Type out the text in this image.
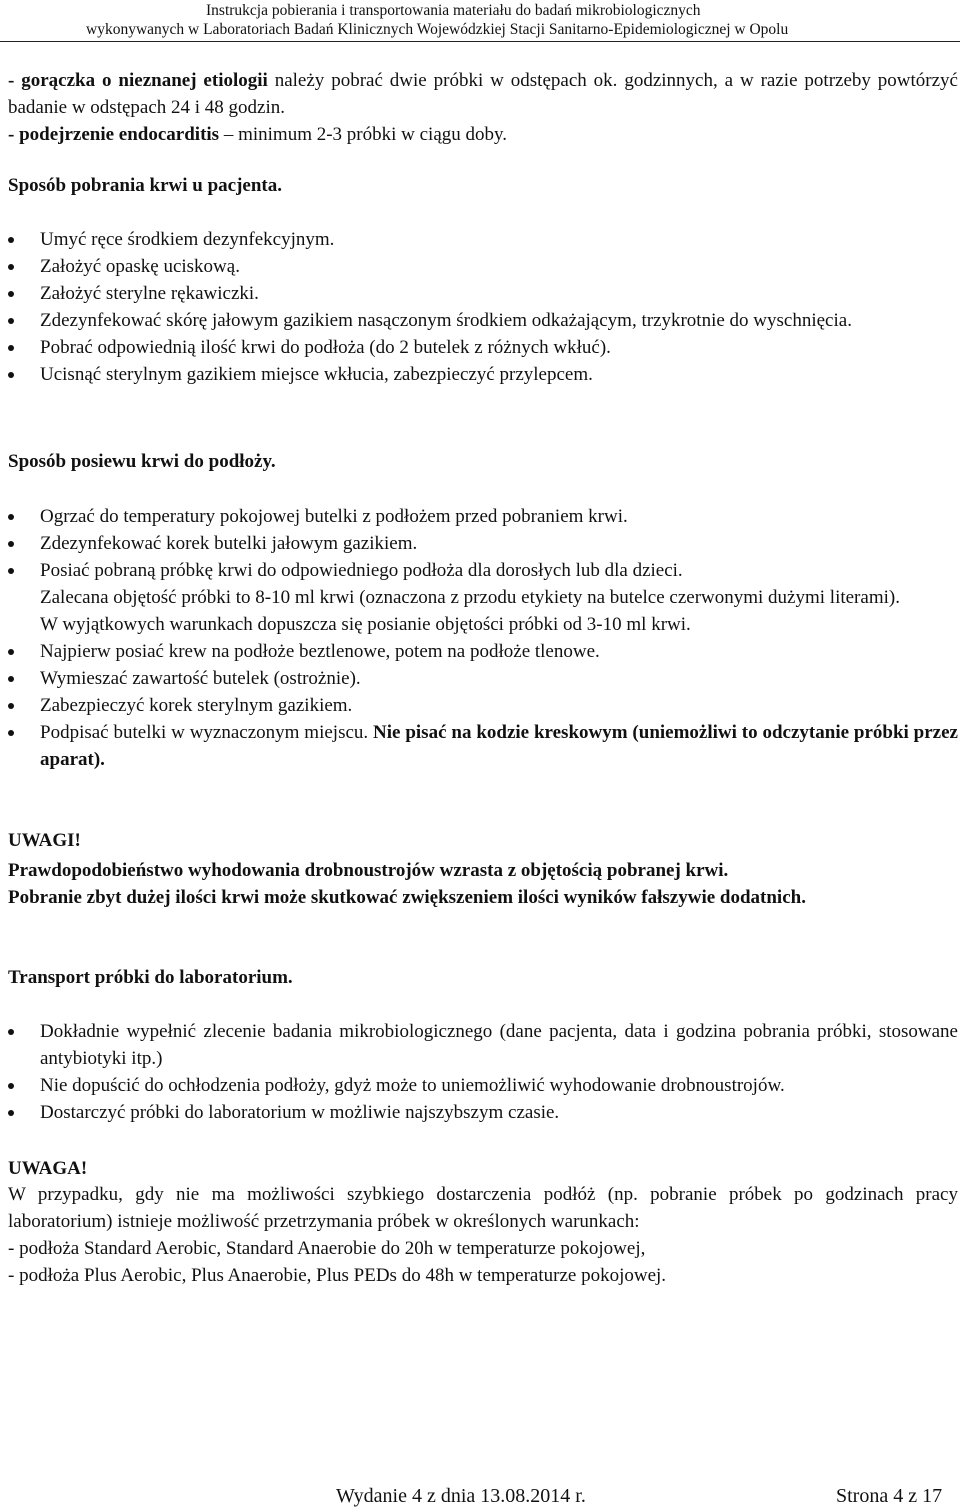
Instrukcja pobierania i transportowania materiału do badań mikrobiologicznych
wykonywanych w Laboratoriach Badań Klinicznych Wojewódzkiej Stacji Sanitarno-Epidemiologicznej w Opolu
- gorączka o nieznanej etiologii należy pobrać dwie próbki w odstępach ok. godzinnych, a w razie potrzeby powtórzyć badanie w odstępach 24 i 48 godzin.
- podejrzenie endocarditis – minimum 2-3 próbki w ciągu doby.
Sposób pobrania krwi u pacjenta.
Umyć ręce środkiem dezynfekcyjnym.
Założyć opaskę uciskową.
Założyć sterylne rękawiczki.
Zdezynfekować skórę jałowym gazikiem nasączonym środkiem odkażającym, trzykrotnie do wyschnięcia.
Pobrać odpowiednią ilość krwi do podłoża (do 2 butelek z różnych wkłuć).
Ucisnąć sterylnym gazikiem miejsce wkłucia, zabezpieczyć przylepcem.
Sposób posiewu krwi do podłoży.
Ogrzać do temperatury pokojowej butelki z podłożem przed pobraniem krwi.
Zdezynfekować korek butelki jałowym gazikiem.
Posiać pobraną próbkę krwi do odpowiedniego podłoża dla dorosłych lub dla dzieci.
Zalecana objętość próbki to 8-10 ml krwi (oznaczona z przodu etykiety na butelce czerwonymi dużymi literami).
W wyjątkowych warunkach dopuszcza się posianie objętości próbki od 3-10 ml krwi.
Najpierw posiać krew na podłoże beztlenowe, potem na podłoże tlenowe.
Wymieszać zawartość butelek (ostrożnie).
Zabezpieczyć korek sterylnym gazikiem.
Podpisać butelki w wyznaczonym miejscu. Nie pisać na kodzie kreskowym (uniemożliwi to odczytanie próbki przez aparat).
UWAGI!
Prawdopodobieństwo wyhodowania drobnoustrojów wzrasta z objętością pobranej krwi.
Pobranie zbyt dużej ilości krwi może skutkować zwiększeniem ilości wyników fałszywie dodatnich.
Transport próbki do laboratorium.
Dokładnie wypełnić zlecenie badania mikrobiologicznego (dane pacjenta, data i godzina pobrania próbki, stosowane antybiotyki itp.)
Nie dopuścić do ochłodzenia podłoży, gdyż może to uniemożliwić wyhodowanie drobnoustrojów.
Dostarczyć próbki do laboratorium w możliwie najszybszym czasie.
UWAGA!
W przypadku, gdy nie ma możliwości szybkiego dostarczenia podłóż (np. pobranie próbek po godzinach pracy laboratorium) istnieje możliwość przetrzymania próbek w określonych warunkach:
- podłoża Standard Aerobic, Standard Anaerobie do 20h w temperaturze pokojowej,
- podłoża Plus Aerobic, Plus Anaerobie, Plus PEDs do 48h w temperaturze pokojowej.
Wydanie 4 z dnia 13.08.2014 r.	Strona 4 z 17
